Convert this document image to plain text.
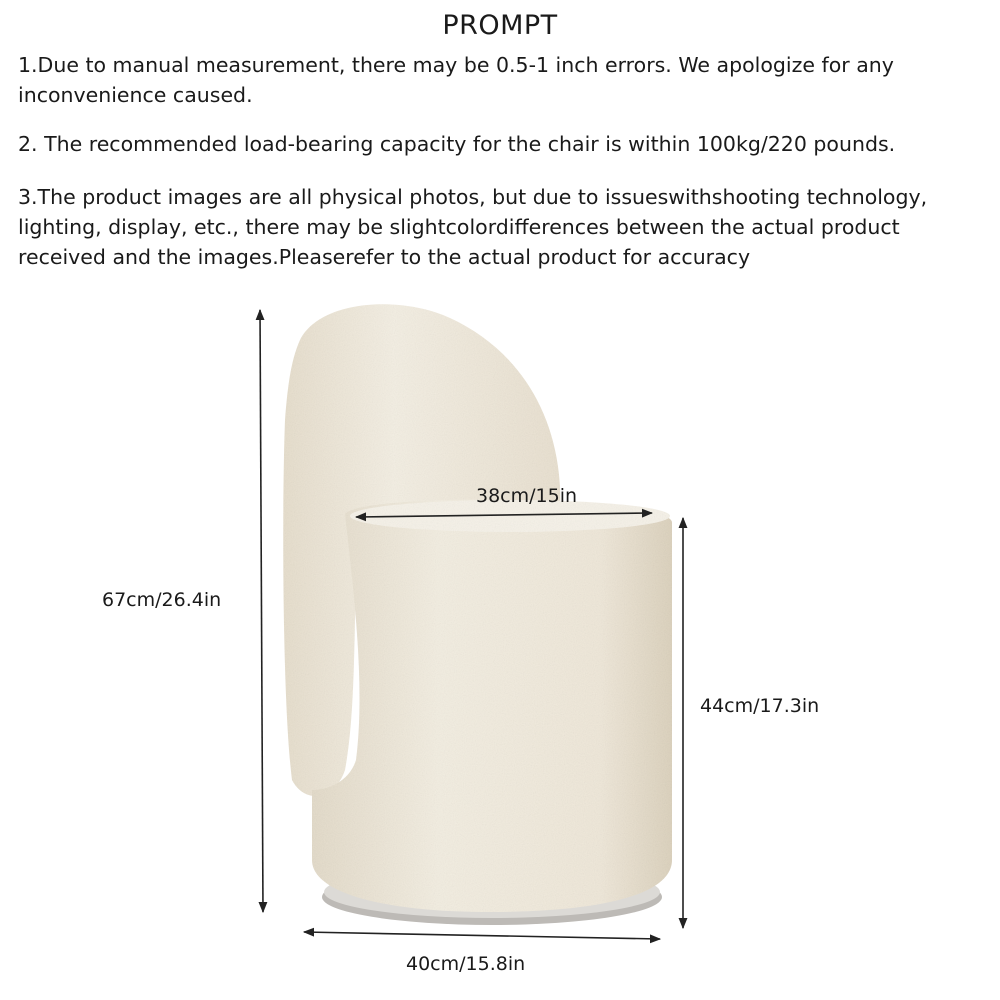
PROMPT
1.Due to manual measurement, there may be 0.5-1 inch errors. We apologize for any inconvenience caused.
2. The recommended load-bearing capacity for the chair is within 100kg/220 pounds.
3.The product images are all physical photos, but due to issueswithshooting technology, lighting, display, etc., there may be slightcolordifferences between the actual product received and the images.Pleaserefer to the actual product for accuracy
67cm/26.4in
38cm/15in
44cm/17.3in
40cm/15.8in
